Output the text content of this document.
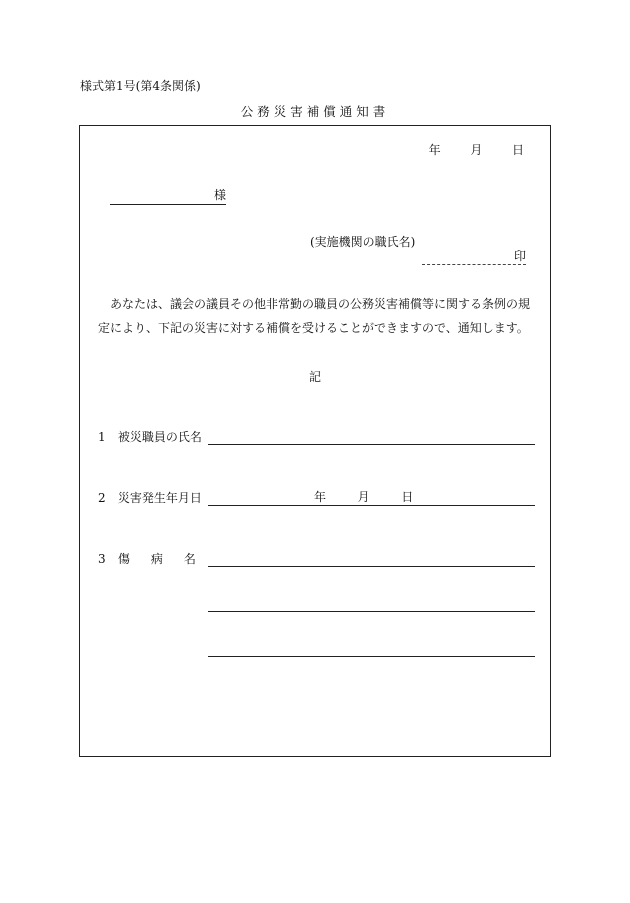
様式第1号(第4条関係)
公務災害補償通知書
年 月 日
様
(実施機関の職氏名)
印

あなたは、議会の議員その他非常勤の職員の公務災害補償等に関する条例の規定により、下記の災害に対する補償を受けることができますので、通知します。

記
1 被災職員の氏名
2 災害発生年月日	年	月	日
3 傷病名
